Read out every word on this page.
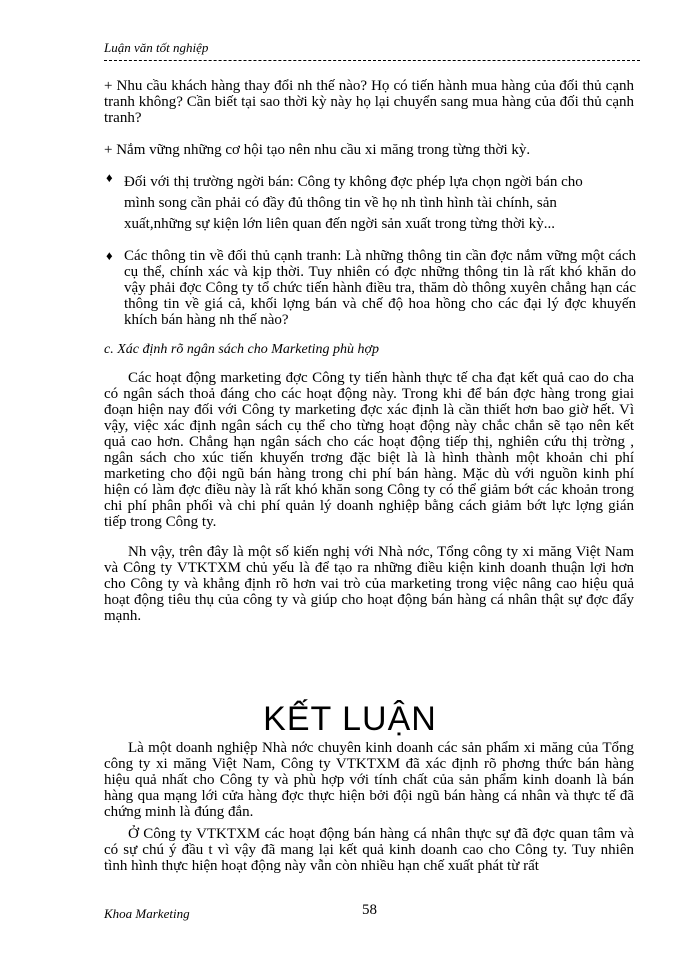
Luận văn tốt nghiệp

+ Nhu cầu khách hàng thay đổi nh thế nào? Họ có tiến hành mua hàng của đối thủ cạnh tranh không? Cần biết tại sao thời kỳ này họ lại chuyển sang mua hàng của đối thủ cạnh tranh?

+ Nắm vững những cơ hội tạo nên nhu cầu xi măng trong từng thời kỳ.

♦ Đối với thị trường ngời bán: Công ty không đợc phép lựa chọn ngời bán cho

mình song cần phải có đầy đủ thông tin về họ nh tình hình tài chính, sản

xuất,những sự kiện lớn liên quan đến ngời sản xuất trong từng thời kỳ...

♦ Các thông tin về đối thủ cạnh tranh: Là những thông tin cần đợc nắm vững một cách cụ thể, chính xác và kịp thời. Tuy nhiên có đợc những thông tin là rất khó khăn do vậy phải đợc Công ty tổ chức tiến hành điều tra, thăm dò thông xuyên chẳng hạn các thông tin về giá cả, khối lợng bán và chế độ hoa hồng cho các đại lý đợc khuyến khích bán hàng nh thế nào?

c. Xác định rõ ngân sách cho Marketing phù hợp

Các hoạt động marketing đợc Công ty tiến hành thực tế cha đạt kết quả cao do cha có ngân sách thoả đáng cho các hoạt động này. Trong khi để bán đợc hàng trong giai đoạn hiện nay đối với Công ty marketing đợc xác định là cần thiết hơn bao giờ hết. Vì vậy, việc xác định ngân sách cụ thể cho từng hoạt động này chắc chắn sẽ tạo nên kết quả cao hơn. Chẳng hạn ngân sách cho các hoạt động tiếp thị, nghiên cứu thị trờng , ngân sách cho xúc tiến khuyến trơng đặc biệt là là hình thành một khoản chi phí marketing cho đội ngũ bán hàng trong chi phí bán hàng. Mặc dù với nguồn kinh phí hiện có làm đợc điều này là rất khó khăn song Công ty có thể giảm bớt các khoản trong chi phí phân phối và chi phí quản lý doanh nghiệp bằng cách giảm bớt lực lợng gián tiếp trong Công ty.

Nh vậy, trên đây là một số kiến nghị với Nhà nớc, Tổng công ty xi măng Việt Nam và Công ty VTKTXM chủ yếu là để tạo ra những điều kiện kinh doanh thuận lợi hơn cho Công ty và khẳng định rõ hơn vai trò của marketing trong việc nâng cao hiệu quả hoạt động tiêu thụ của công ty và giúp cho hoạt động bán hàng cá nhân thật sự đợc đẩy mạnh.

KẾT LUẬN

Là một doanh nghiệp Nhà nớc chuyên kinh doanh các sản phẩm xi măng của Tổng công ty xi măng Việt Nam, Công ty VTKTXM đã xác định rõ phơng thức bán hàng hiệu quả nhất cho Công ty và phù hợp với tính chất của sản phẩm kinh doanh là bán hàng qua mạng lới cửa hàng đợc thực hiện bởi đội ngũ bán hàng cá nhân và thực tế đã chứng minh là đúng đắn.

Ở Công ty VTKTXM các hoạt động bán hàng cá nhân thực sự đã đợc quan tâm và có sự chú ý đầu t vì vậy đã mang lại kết quả kinh doanh cao cho Công ty. Tuy nhiên tình hình thực hiện hoạt động này vẫn còn nhiều hạn chế xuất phát từ rất

Khoa Marketing	58
